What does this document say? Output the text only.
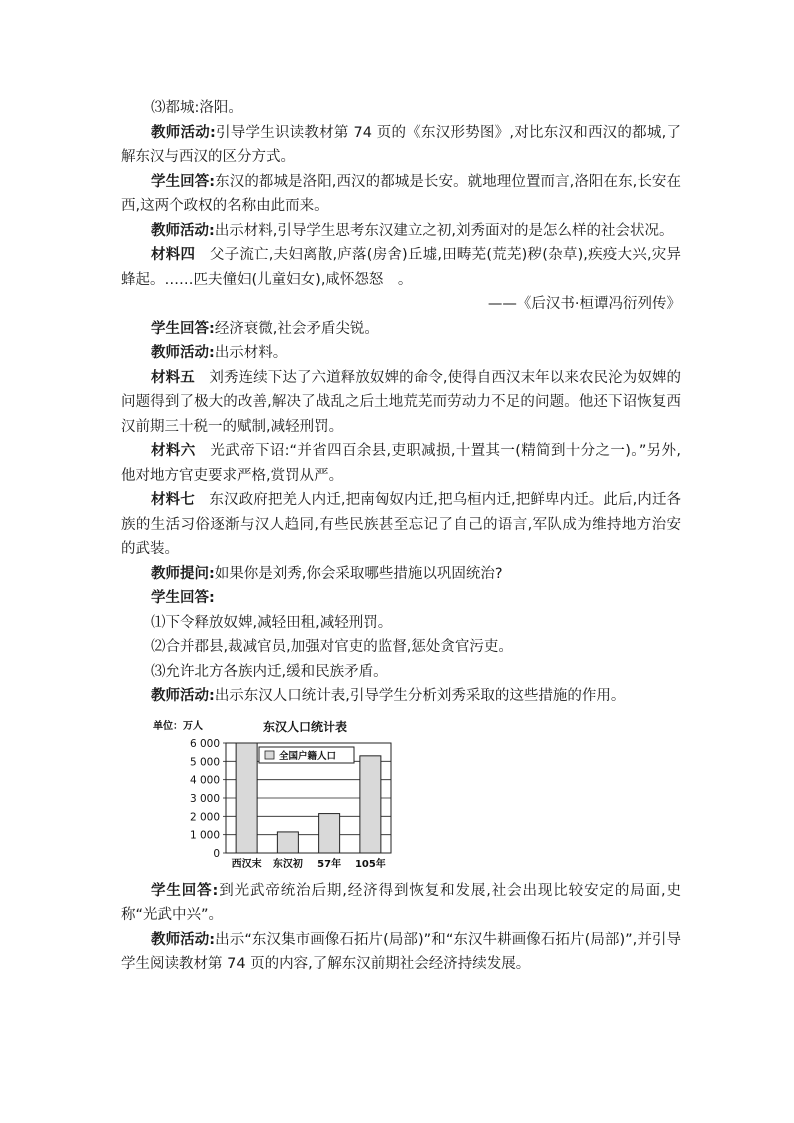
⑶都城:洛阳。

教师活动:引导学生识读教材第 74 页的《东汉形势图》,对比东汉和西汉的都城,了解东汉与西汉的区分方式。

学生回答:东汉的都城是洛阳,西汉的都城是长安。就地理位置而言,洛阳在东,长安在西,这两个政权的名称由此而来。

教师活动:出示材料,引导学生思考东汉建立之初,刘秀面对的是怎么样的社会状况。

材料四　父子流亡,夫妇离散,庐落(房舍)丘墟,田畴芜(荒芜)秽(杂草),疾疫大兴,灾异蜂起。……匹夫僮妇(儿童妇女),咸怀怨怒　。

——《后汉书·桓谭冯衍列传》

学生回答:经济衰微,社会矛盾尖锐。

教师活动:出示材料。

材料五　刘秀连续下达了六道释放奴婢的命令,使得自西汉末年以来农民沦为奴婢的问题得到了极大的改善,解决了战乱之后土地荒芜而劳动力不足的问题。他还下诏恢复西汉前期三十税一的赋制,减轻刑罚。

材料六　光武帝下诏:“并省四百余县,吏职减损,十置其一(精简到十分之一)。”另外,他对地方官吏要求严格,赏罚从严。

材料七　东汉政府把羌人内迁,把南匈奴内迁,把乌桓内迁,把鲜卑内迁。此后,内迁各族的生活习俗逐渐与汉人趋同,有些民族甚至忘记了自己的语言,军队成为维持地方治安的武装。

教师提问:如果你是刘秀,你会采取哪些措施以巩固统治?

学生回答:

⑴下令释放奴婢,减轻田租,减轻刑罚。

⑵合并郡县,裁减官员,加强对官吏的监督,惩处贪官污吏。

⑶允许北方各族内迁,缓和民族矛盾。

教师活动:出示东汉人口统计表,引导学生分析刘秀采取的这些措施的作用。

单位：万人	东汉人口统计表
6 000
5 000
4 000
3 000
2 000
1 000
0
西汉末 东汉初 57年 105年
全国户籍人口

学生回答:到光武帝统治后期,经济得到恢复和发展,社会出现比较安定的局面,史称“光武中兴”。

教师活动:出示“东汉集市画像石拓片(局部)”和“东汉牛耕画像石拓片(局部)”,并引导学生阅读教材第 74 页的内容,了解东汉前期社会经济持续发展。
